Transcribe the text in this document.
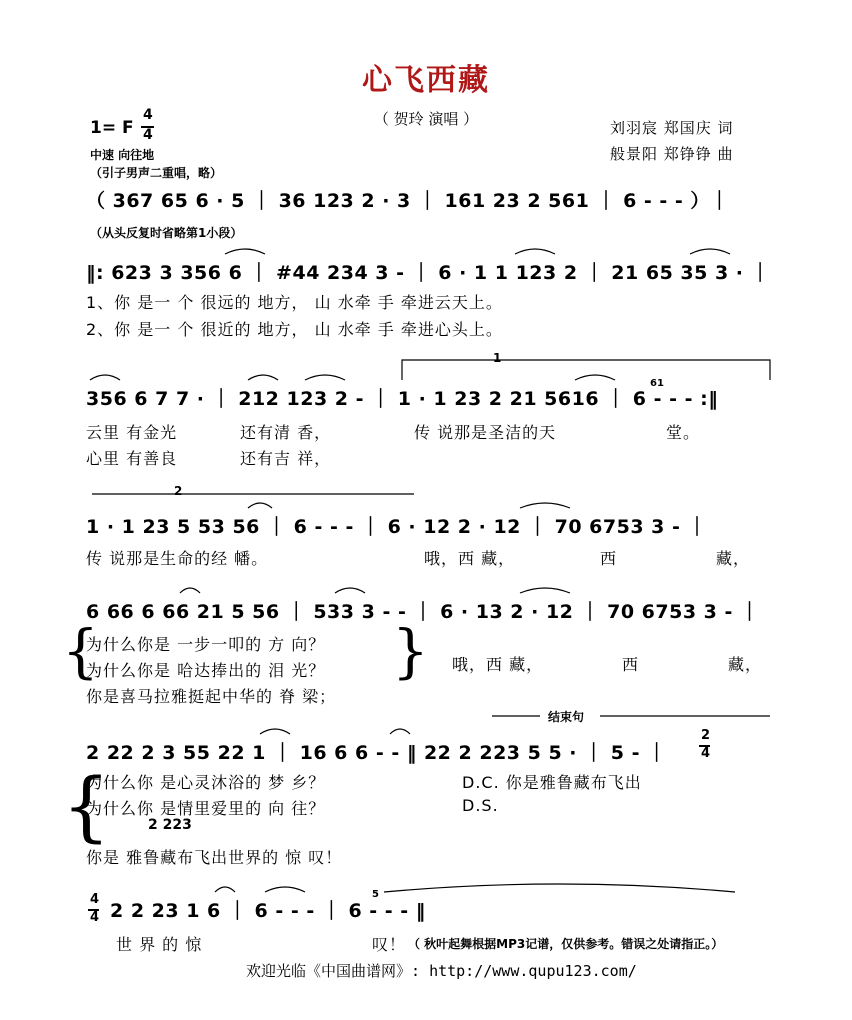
心飞西藏
（ 贺玲 演唱 ）	刘羽宸 郑国庆 词
般景阳 郑铮铮 曲
1= F
4
4
中速 向往地
（引子男声二重唱，略）
（ 367 65 6 · 5 ｜ 36 123 2 · 3 ｜ 161 23 2 561 ｜ 6 - - - ）｜
（从头反复时省略第1小段）
‖: 623 3 356 6 ｜ #44 234 3 - ｜ 6 · 1 1 123 2 ｜ 21 65 35 3 · ｜
1、你 是一 个 很远的 地方， 山 水牵 手 牵进云天上。
2、你 是一 个 很近的 地方， 山 水牵 手 牵进心头上。
1
356 6 7 7 · ｜ 212 123 2 - ｜ 1 · 1 23 2 21 5616 ｜ 6 - - - :‖
61
云里 有金光	还有清 香，	传 说那是圣洁的天	堂。
心里 有善良	还有吉 祥，
2
1 · 1 23 5 53 56 ｜ 6 - - - ｜ 6 · 12 2 · 12 ｜ 70 6753 3 - ｜
传 说那是生命的经 幡。	哦，西 藏，	西	藏，
6 66 6 66 21 5 56 ｜ 533 3 - - ｜ 6 · 13 2 · 12 ｜ 70 6753 3 - ｜
{
为什么你是 一步一叩的 方 向？
为什么你是 哈达捧出的 泪 光？
你是喜马拉雅挺起中华的 脊 梁；
} 哦，西 藏，	西	藏，
结束句
2 22 2 3 55 22 1 ｜ 16 6 6 - - ‖ 22 2 223 5 5 · ｜ 5 - ｜
2
4
{
为什么你 是心灵沐浴的 梦 乡？	D.C. 你是雅鲁藏布飞出
为什么你 是情里爱里的 向 往？	D.S.
2 223
你是 雅鲁藏布飞出世界的 惊 叹！
4
4 2 2 23 1 6 ｜ 6 - - - ｜ 6 - - - ‖
5
世 界 的 惊	叹！ （ 秋叶起舞根据MP3记谱，仅供参考。错误之处请指正。）
欢迎光临《中国曲谱网》: http://www.qupu123.com/
